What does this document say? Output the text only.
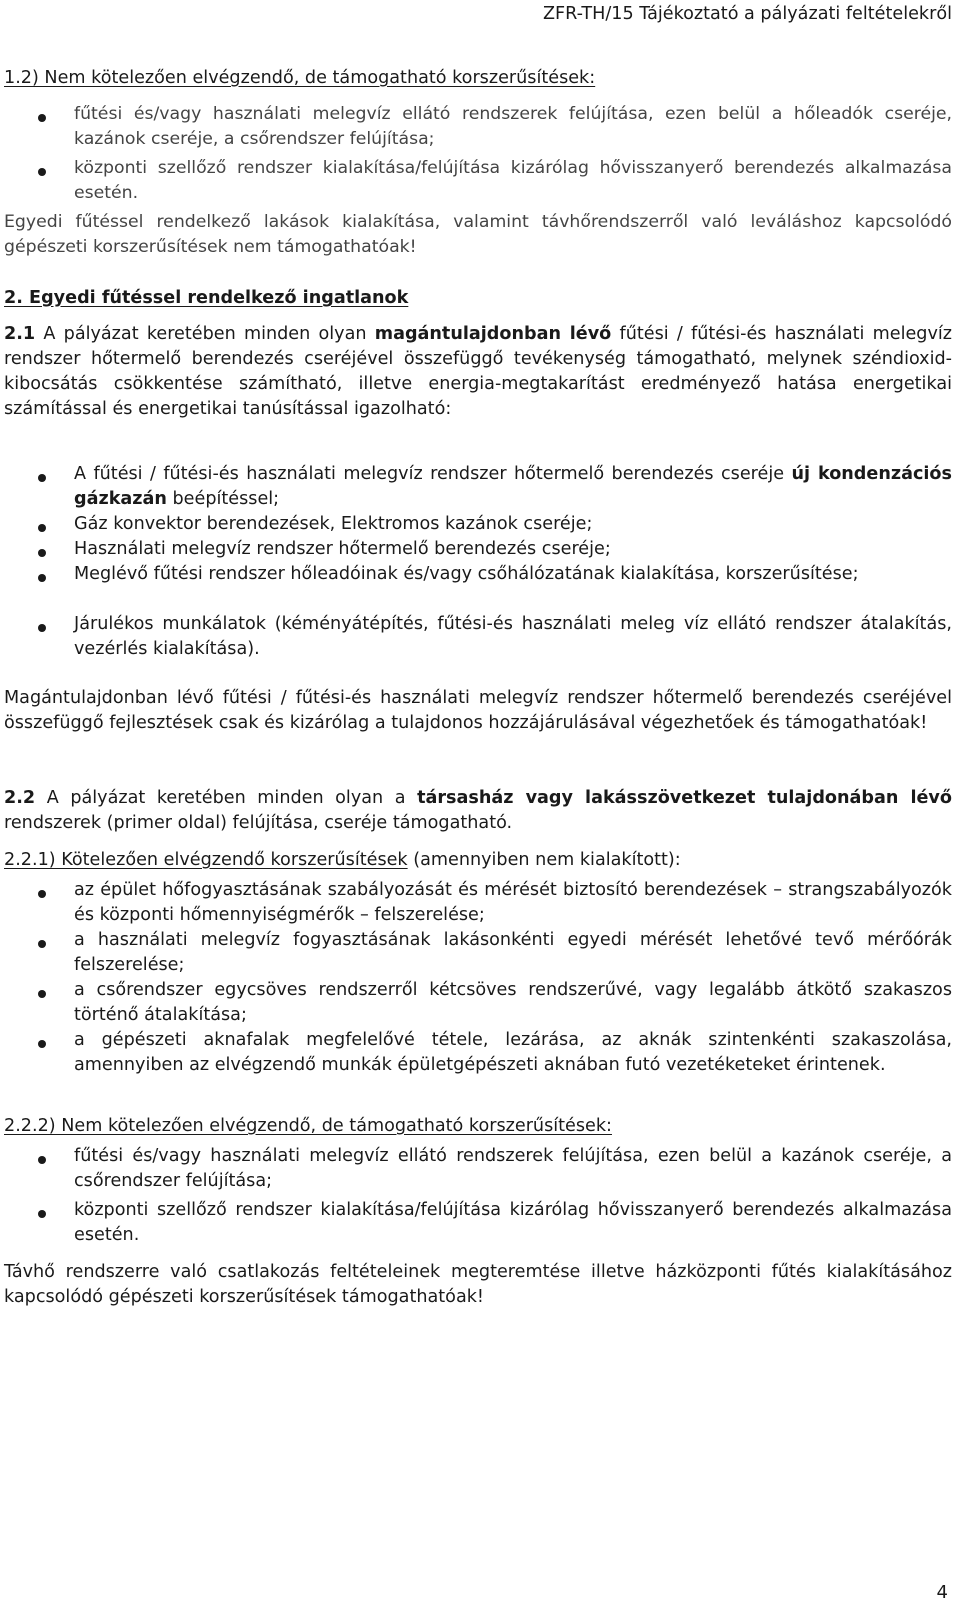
ZFR-TH/15 Tájékoztató a pályázati feltételekről
1.2) Nem kötelezően elvégzendő, de támogatható korszerűsítések:
fűtési és/vagy használati melegvíz ellátó rendszerek felújítása, ezen belül a hőleadók cseréje, kazánok cseréje, a csőrendszer felújítása;
központi szellőző rendszer kialakítása/felújítása kizárólag hővisszanyerő berendezés alkalmazása esetén.
Egyedi fűtéssel rendelkező lakások kialakítása, valamint távhőrendszerről való leváláshoz kapcsolódó gépészeti korszerűsítések nem támogathatóak!
2. Egyedi fűtéssel rendelkező ingatlanok
2.1 A pályázat keretében minden olyan magántulajdonban lévő fűtési / fűtési-és használati melegvíz rendszer hőtermelő berendezés cseréjével összefüggő tevékenység támogatható, melynek széndioxid-kibocsátás csökkentése számítható, illetve energia-megtakarítást eredményező hatása energetikai számítással és energetikai tanúsítással igazolható:
A fűtési / fűtési-és használati melegvíz rendszer hőtermelő berendezés cseréje új kondenzációs gázkazán beépítéssel;
Gáz konvektor berendezések, Elektromos kazánok cseréje;
Használati melegvíz rendszer hőtermelő berendezés cseréje;
Meglévő fűtési rendszer hőleadóinak és/vagy csőhálózatának kialakítása, korszerűsítése;
Járulékos munkálatok (kéményátépítés, fűtési-és használati meleg víz ellátó rendszer átalakítás, vezérlés kialakítása).
Magántulajdonban lévő fűtési / fűtési-és használati melegvíz rendszer hőtermelő berendezés cseréjével összefüggő fejlesztések csak és kizárólag a tulajdonos hozzájárulásával végezhetőek és támogathatóak!
2.2 A pályázat keretében minden olyan a társasház vagy lakásszövetkezet tulajdonában lévő rendszerek (primer oldal) felújítása, cseréje támogatható.
2.2.1) Kötelezően elvégzendő korszerűsítések (amennyiben nem kialakított):
az épület hőfogyasztásának szabályozását és mérését biztosító berendezések – strangszabályozók és központi hőmennyiségmérők – felszerelése;
a használati melegvíz fogyasztásának lakásonkénti egyedi mérését lehetővé tevő mérőórák felszerelése;
a csőrendszer egycsöves rendszerről kétcsöves rendszerűvé, vagy legalább átkötő szakaszos történő átalakítása;
a gépészeti aknafalak megfelelővé tétele, lezárása, az aknák szintenkénti szakaszolása, amennyiben az elvégzendő munkák épületgépészeti aknában futó vezetéketeket érintenek.
2.2.2) Nem kötelezően elvégzendő, de támogatható korszerűsítések:
fűtési és/vagy használati melegvíz ellátó rendszerek felújítása, ezen belül a kazánok cseréje, a csőrendszer felújítása;
központi szellőző rendszer kialakítása/felújítása kizárólag hővisszanyerő berendezés alkalmazása esetén.
Távhő rendszerre való csatlakozás feltételeinek megteremtése illetve házközponti fűtés kialakításához kapcsolódó gépészeti korszerűsítések támogathatóak!
4
